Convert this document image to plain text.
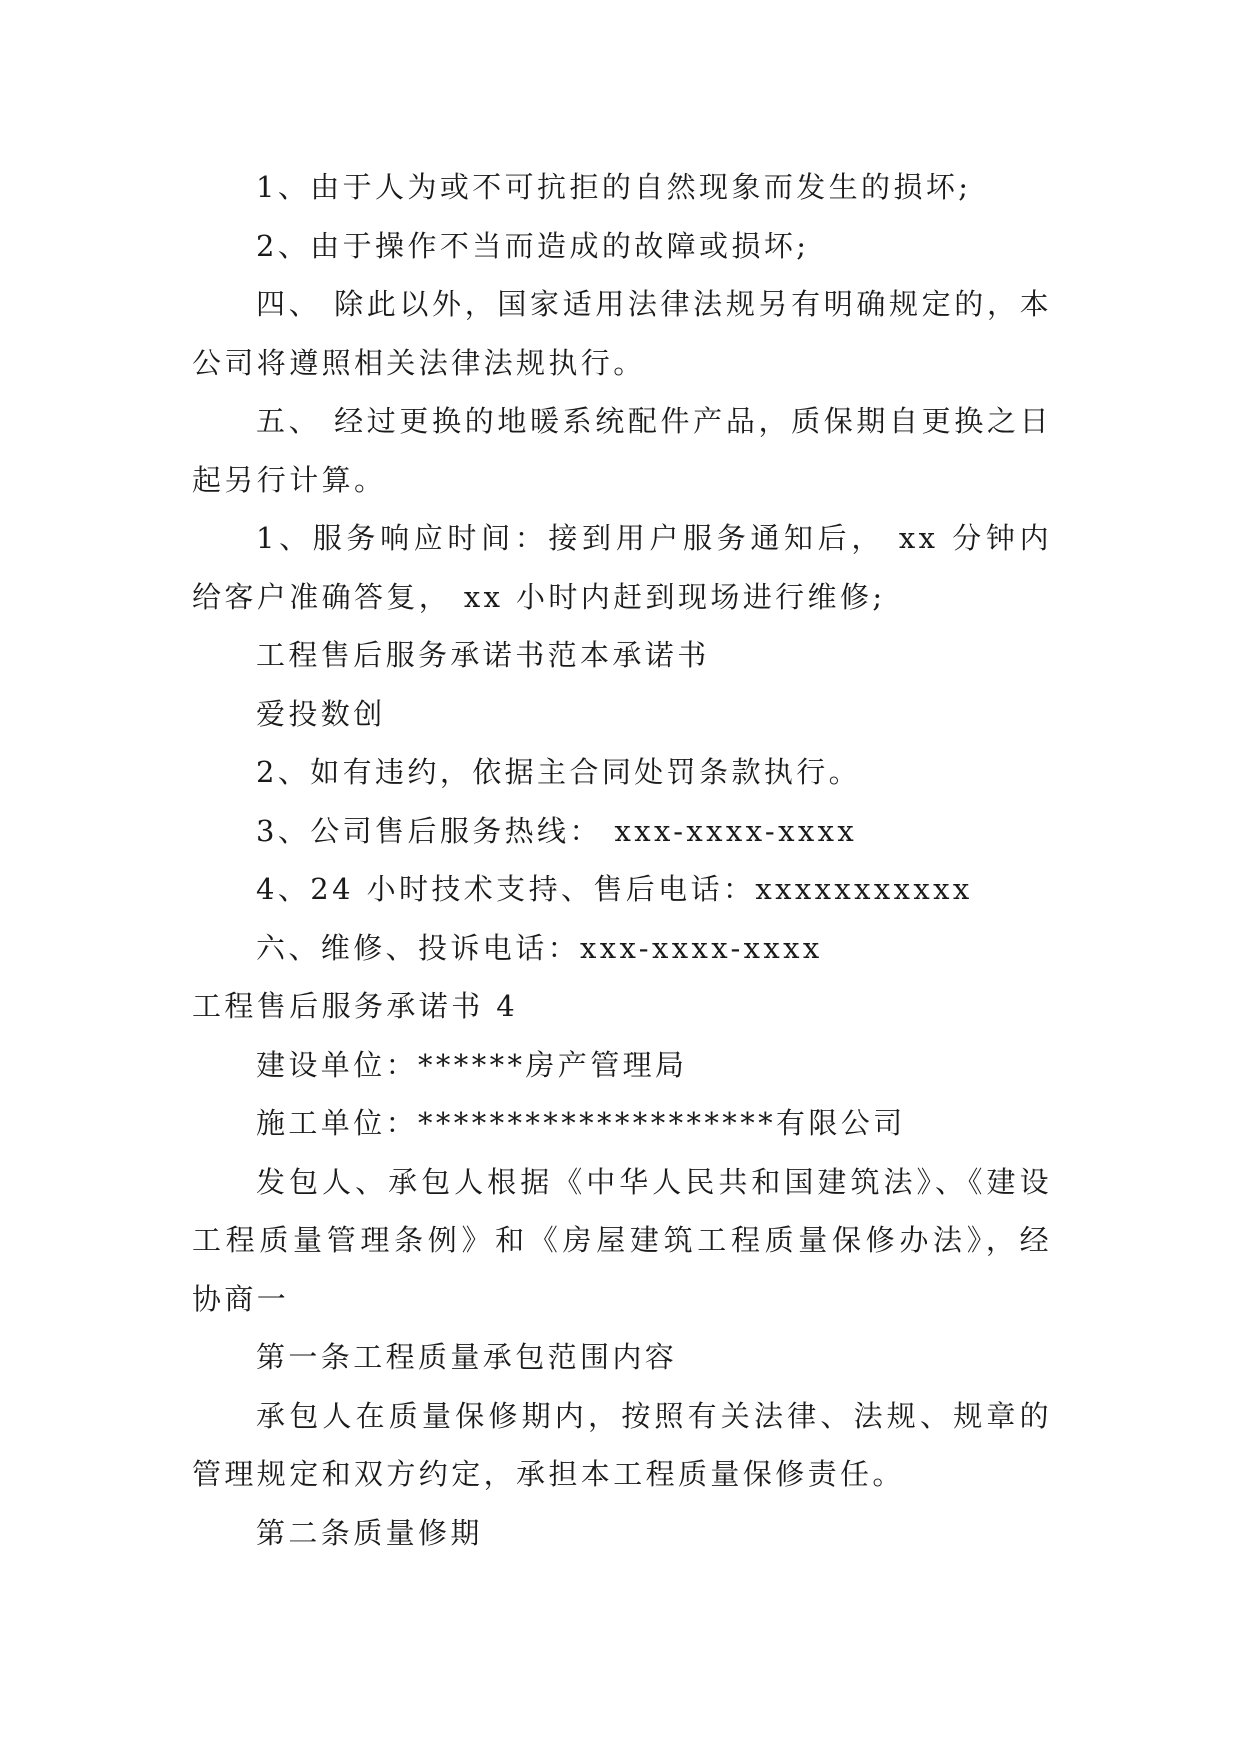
1、由于人为或不可抗拒的自然现象而发生的损坏;

2、由于操作不当而造成的故障或损坏;

四、 除此以外，国家适用法律法规另有明确规定的，本公司将遵照相关法律法规执行。

五、 经过更换的地暖系统配件产品，质保期自更换之日起另行计算。

1、服务响应时间：接到用户服务通知后， xx 分钟内给客户准确答复， xx 小时内赶到现场进行维修;

工程售后服务承诺书范本承诺书

爱投数创

2、如有违约，依据主合同处罚条款执行。

3、公司售后服务热线： xxx-xxxx-xxxx

4、24 小时技术支持、售后电话：xxxxxxxxxxx

六、维修、投诉电话：xxx-xxxx-xxxx

工程售后服务承诺书 4

建设单位：******房产管理局

施工单位：********************有限公司

发包人、承包人根据《中华人民共和国建筑法》、《建设工程质量管理条例》和《房屋建筑工程质量保修办法》，经协商一

第一条工程质量承包范围内容

承包人在质量保修期内，按照有关法律、法规、规章的管理规定和双方约定，承担本工程质量保修责任。

第二条质量修期
